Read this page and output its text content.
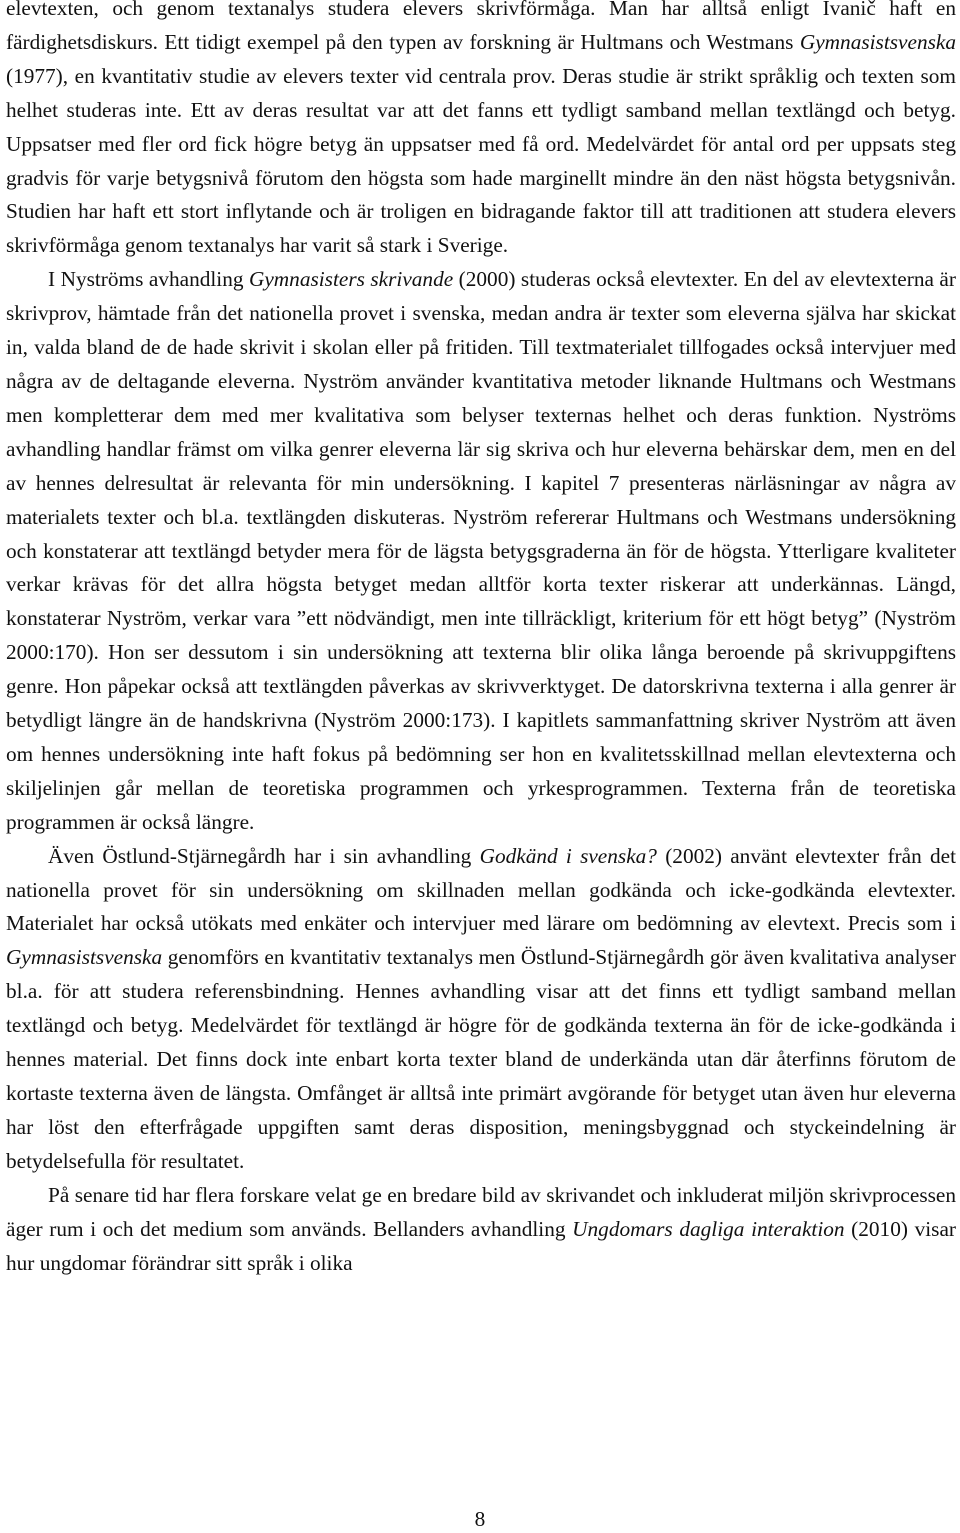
elevtexten, och genom textanalys studera elevers skrivförmåga. Man har alltså enligt Ivanič haft en färdighetsdiskurs. Ett tidigt exempel på den typen av forskning är Hultmans och Westmans Gymnasistsvenska (1977), en kvantitativ studie av elevers texter vid centrala prov. Deras studie är strikt språklig och texten som helhet studeras inte. Ett av deras resultat var att det fanns ett tydligt samband mellan textlängd och betyg. Uppsatser med fler ord fick högre betyg än uppsatser med få ord. Medelvärdet för antal ord per uppsats steg gradvis för varje betygsnivå förutom den högsta som hade marginellt mindre än den näst högsta betygsnivån. Studien har haft ett stort inflytande och är troligen en bidragande faktor till att traditionen att studera elevers skrivförmåga genom textanalys har varit så stark i Sverige.

I Nyströms avhandling Gymnasisters skrivande (2000) studeras också elevtexter. En del av elevtexterna är skrivprov, hämtade från det nationella provet i svenska, medan andra är texter som eleverna själva har skickat in, valda bland de de hade skrivit i skolan eller på fritiden. Till textmaterialet tillfogades också intervjuer med några av de deltagande eleverna. Nyström använder kvantitativa metoder liknande Hultmans och Westmans men kompletterar dem med mer kvalitativa som belyser texternas helhet och deras funktion. Nyströms avhandling handlar främst om vilka genrer eleverna lär sig skriva och hur eleverna behärskar dem, men en del av hennes delresultat är relevanta för min undersökning. I kapitel 7 presenteras närläsningar av några av materialets texter och bl.a. textlängden diskuteras. Nyström refererar Hultmans och Westmans undersökning och konstaterar att textlängd betyder mera för de lägsta betygsgraderna än för de högsta. Ytterligare kvaliteter verkar krävas för det allra högsta betyget medan alltför korta texter riskerar att underkännas. Längd, konstaterar Nyström, verkar vara ”ett nödvändigt, men inte tillräckligt, kriterium för ett högt betyg” (Nyström 2000:170). Hon ser dessutom i sin undersökning att texterna blir olika långa beroende på skrivuppgiftens genre. Hon påpekar också att textlängden påverkas av skrivverktyget. De datorskrivna texterna i alla genrer är betydligt längre än de handskrivna (Nyström 2000:173). I kapitlets sammanfattning skriver Nyström att även om hennes undersökning inte haft fokus på bedömning ser hon en kvalitetsskillnad mellan elevtexterna och skiljelinjen går mellan de teoretiska programmen och yrkesprogrammen. Texterna från de teoretiska programmen är också längre.

Även Östlund-Stjärnegårdh har i sin avhandling Godkänd i svenska? (2002) använt elevtexter från det nationella provet för sin undersökning om skillnaden mellan godkända och icke-godkända elevtexter. Materialet har också utökats med enkäter och intervjuer med lärare om bedömning av elevtext. Precis som i Gymnasistsvenska genomförs en kvantitativ textanalys men Östlund-Stjärnegårdh gör även kvalitativa analyser bl.a. för att studera referensbindning. Hennes avhandling visar att det finns ett tydligt samband mellan textlängd och betyg. Medelvärdet för textlängd är högre för de godkända texterna än för de icke-godkända i hennes material. Det finns dock inte enbart korta texter bland de underkända utan där återfinns förutom de kortaste texterna även de längsta. Omfånget är alltså inte primärt avgörande för betyget utan även hur eleverna har löst den efterfrågade uppgiften samt deras disposition, meningsbyggnad och styckeindelning är betydelsefulla för resultatet.

På senare tid har flera forskare velat ge en bredare bild av skrivandet och inkluderat miljön skrivprocessen äger rum i och det medium som används. Bellanders avhandling Ungdomars dagliga interaktion (2010) visar hur ungdomar förändrar sitt språk i olika

8
